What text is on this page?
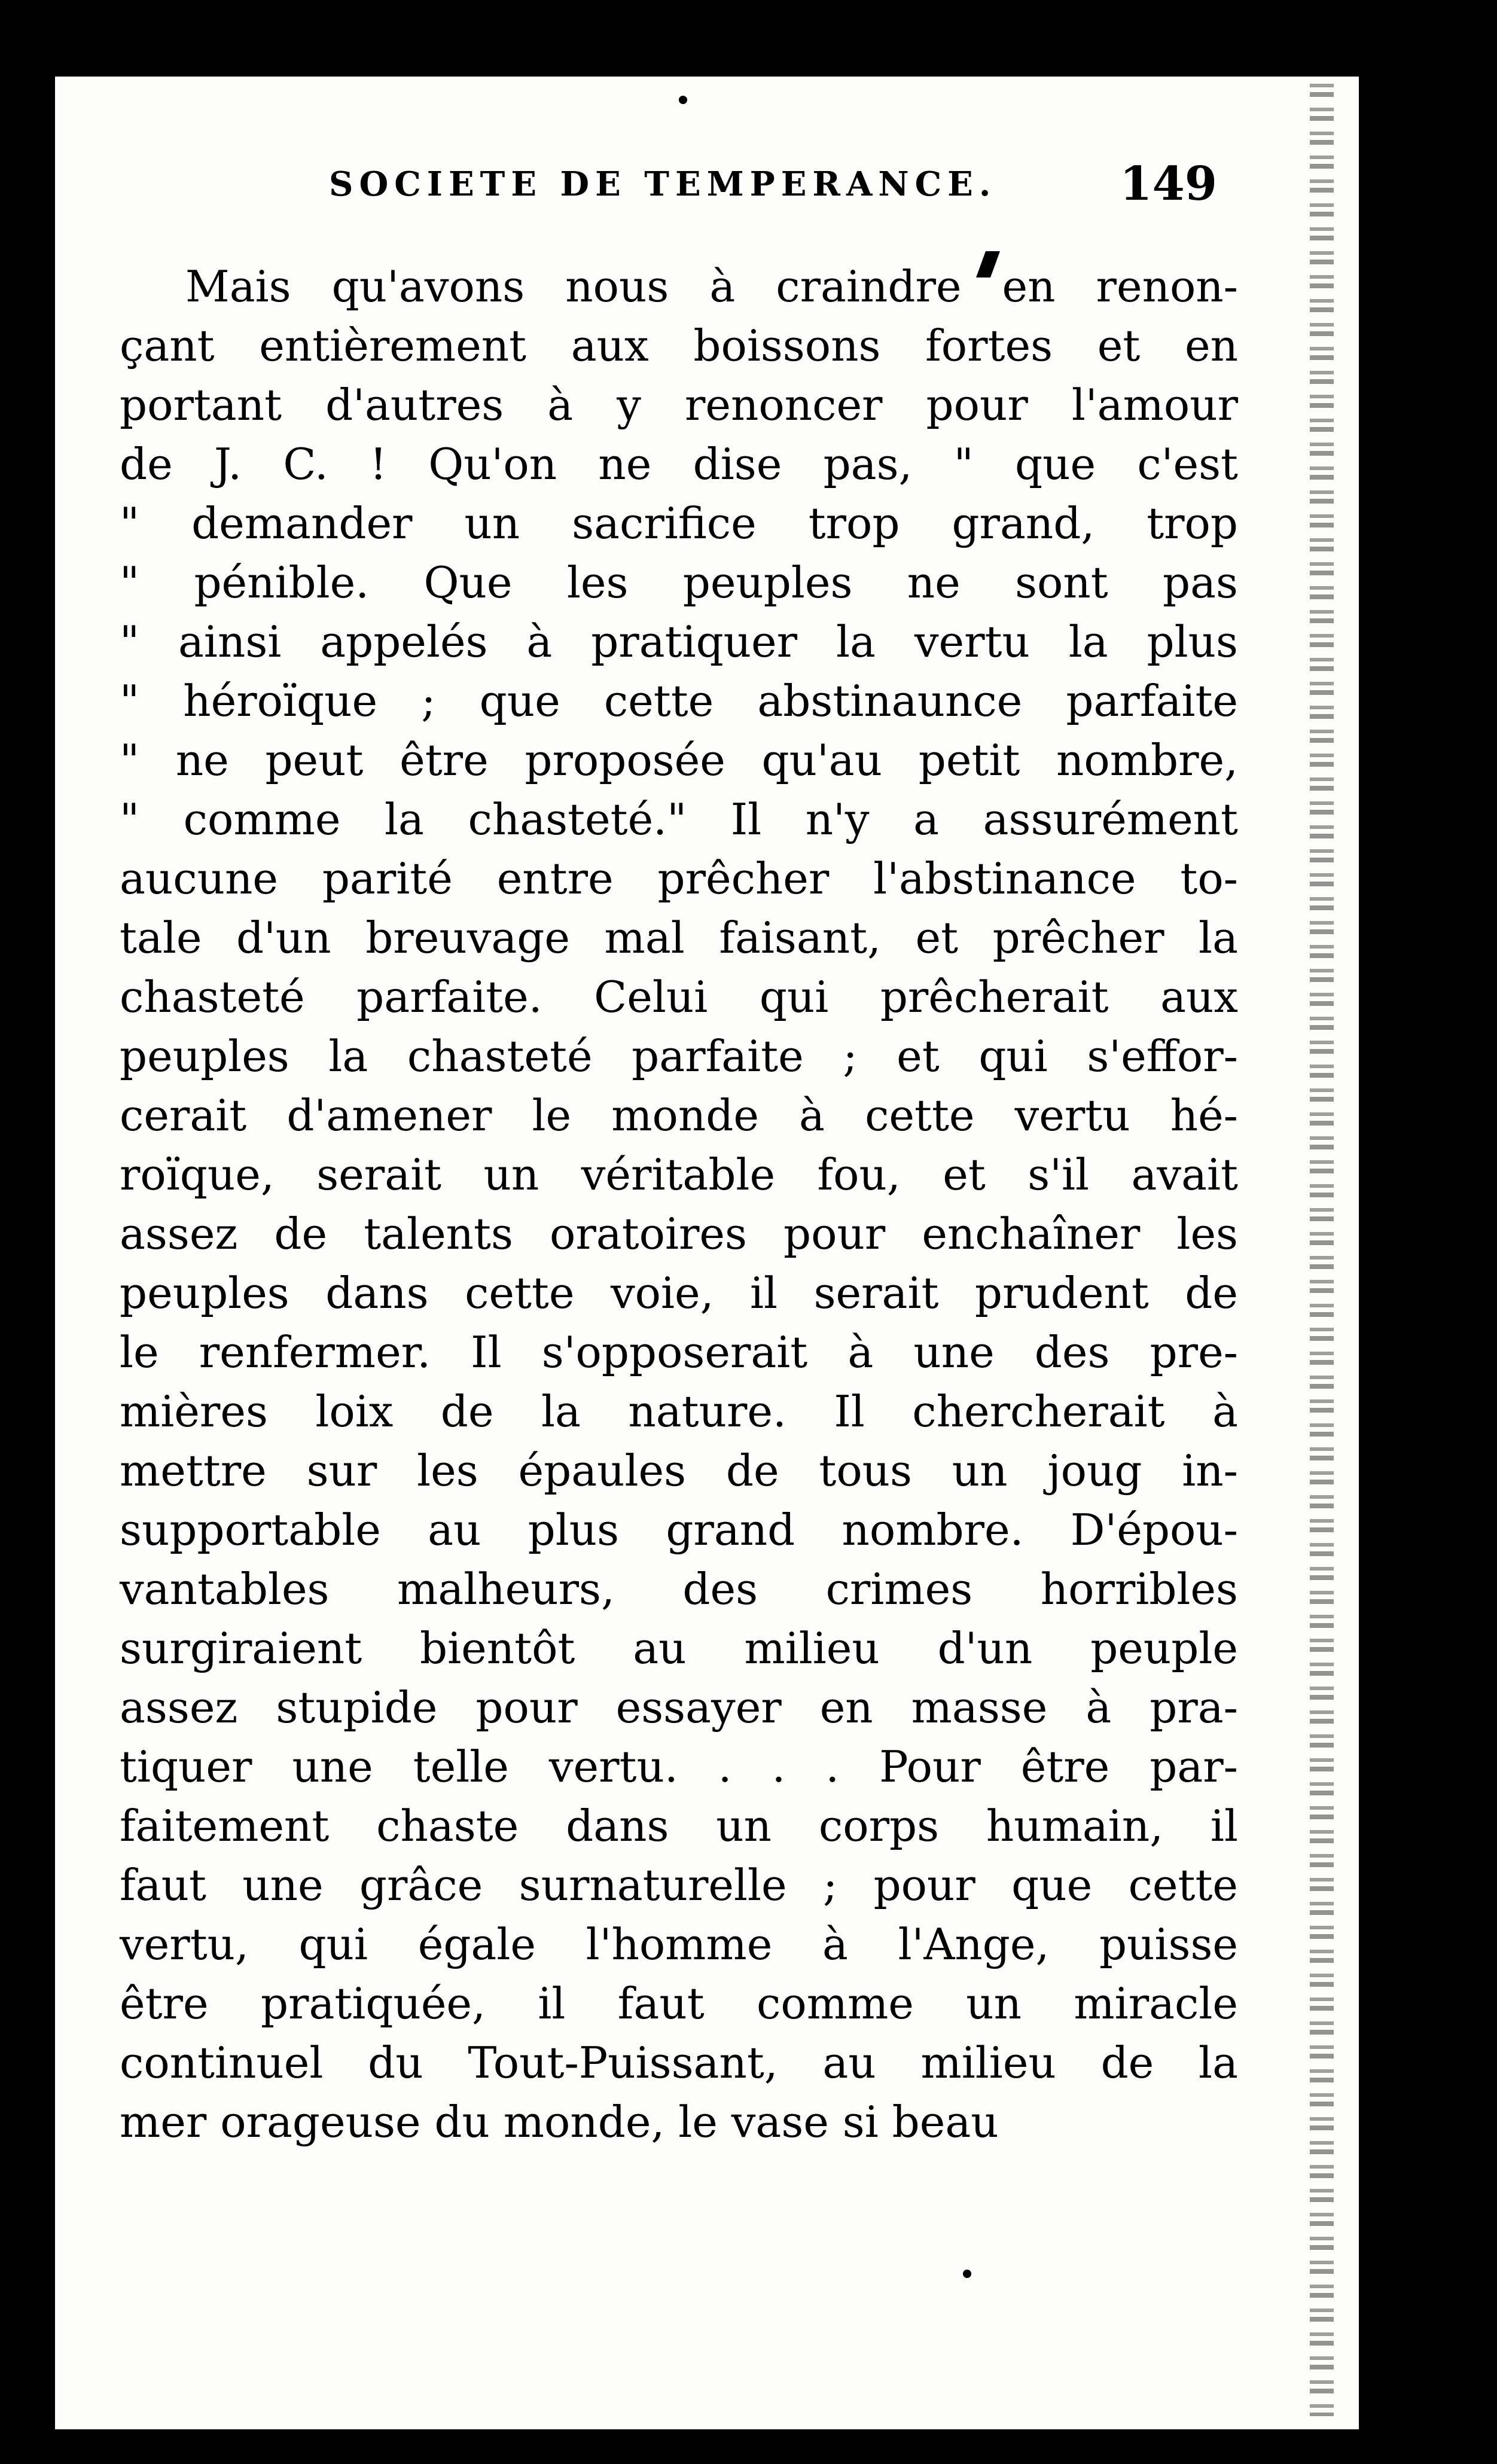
SOCIETE DE TEMPERANCE.	149
Mais qu'avons nous à craindre en renon-
çant entièrement aux boissons fortes et en
portant d'autres à y renoncer pour l'amour
de J. C. ! Qu'on ne dise pas, " que c'est
" demander un sacrifice trop grand, trop
" pénible. Que les peuples ne sont pas
" ainsi appelés à pratiquer la vertu la plus
" héroïque ; que cette abstinaunce parfaite
" ne peut être proposée qu'au petit nombre,
" comme la chasteté." Il n'y a assurément
aucune parité entre prêcher l'abstinance to-
tale d'un breuvage mal faisant, et prêcher la
chasteté parfaite. Celui qui prêcherait aux
peuples la chasteté parfaite ; et qui s'effor-
cerait d'amener le monde à cette vertu hé-
roïque, serait un véritable fou, et s'il avait
assez de talents oratoires pour enchaîner les
peuples dans cette voie, il serait prudent de
le renfermer. Il s'opposerait à une des pre-
mières loix de la nature. Il chercherait à
mettre sur les épaules de tous un joug in-
supportable au plus grand nombre. D'épou-
vantables malheurs, des crimes horribles
surgiraient bientôt au milieu d'un peuple
assez stupide pour essayer en masse à pra-
tiquer une telle vertu. . . . Pour être par-
faitement chaste dans un corps humain, il
faut une grâce surnaturelle ; pour que cette
vertu, qui égale l'homme à l'Ange, puisse
être pratiquée, il faut comme un miracle
continuel du Tout-Puissant, au milieu de la
mer orageuse du monde, le vase si beau
